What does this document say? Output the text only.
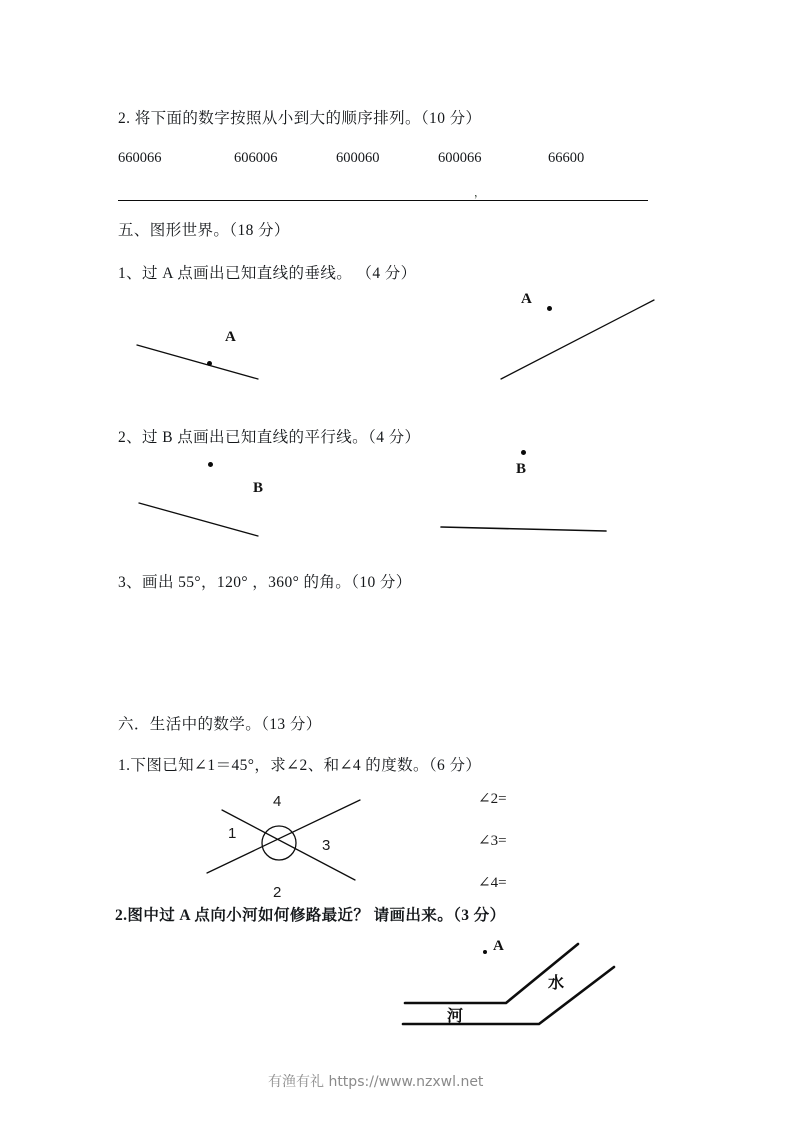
2. 将下面的数字按照从小到大的顺序排列。（10 分）
660066	606006	600060	600066	66600
，
五、图形世界。（18 分）
1、过 A 点画出已知直线的垂线。 （4 分）
A
A
2、过 B 点画出已知直线的平行线。（4 分）
B
B
3、画出 55°，120° ，360° 的角。（10 分）
六．生活中的数学。（13 分）
1.下图已知∠1＝45°，求∠2、和∠4 的度数。（6 分）
4
1
3
2
∠2=
∠3=
∠4=
2.图中过 A 点向小河如何修路最近？ 请画出来。（3 分）
A
河
水
有渔有礼 https://www.nzxwl.net
